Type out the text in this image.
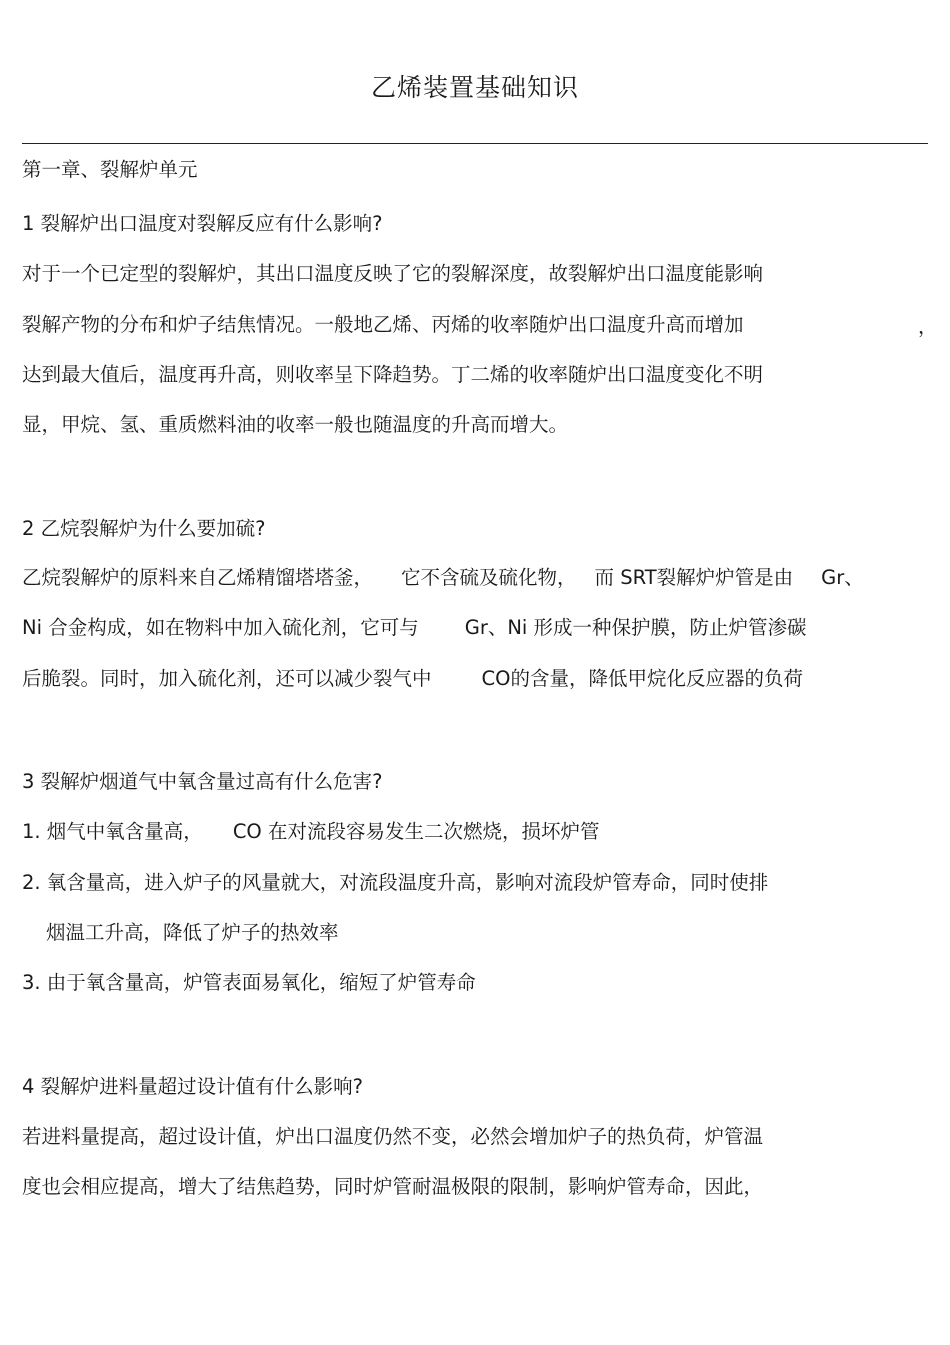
乙烯装置基础知识
第一章、裂解炉单元
1 裂解炉出口温度对裂解反应有什么影响?
对于一个已定型的裂解炉，其出口温度反映了它的裂解深度，故裂解炉出口温度能影响
裂解产物的分布和炉子结焦情况。一般地乙烯、丙烯的收率随炉出口温度升高而增加	，
达到最大值后，温度再升高，则收率呈下降趋势。丁二烯的收率随炉出口温度变化不明
显，甲烷、氢、重质燃料油的收率一般也随温度的升高而增大。
2 乙烷裂解炉为什么要加硫?
乙烷裂解炉的原料来自乙烯精馏塔塔釜， 它不含硫及硫化物， 而 SRT裂解炉炉管是由 Gr、
Ni 合金构成，如在物料中加入硫化剂，它可与 Gr、Ni 形成一种保护膜，防止炉管渗碳
后脆裂。同时，加入硫化剂，还可以减少裂气中	CO的含量，降低甲烷化反应器的负荷
3 裂解炉烟道气中氧含量过高有什么危害?
1. 烟气中氧含量高， CO 在对流段容易发生二次燃烧，损坏炉管
2. 氧含量高，进入炉子的风量就大，对流段温度升高，影响对流段炉管寿命，同时使排
烟温工升高，降低了炉子的热效率
3. 由于氧含量高，炉管表面易氧化，缩短了炉管寿命
4 裂解炉进料量超过设计值有什么影响?
若进料量提高，超过设计值，炉出口温度仍然不变，必然会增加炉子的热负荷，炉管温
度也会相应提高，增大了结焦趋势，同时炉管耐温极限的限制，影响炉管寿命，因此，
